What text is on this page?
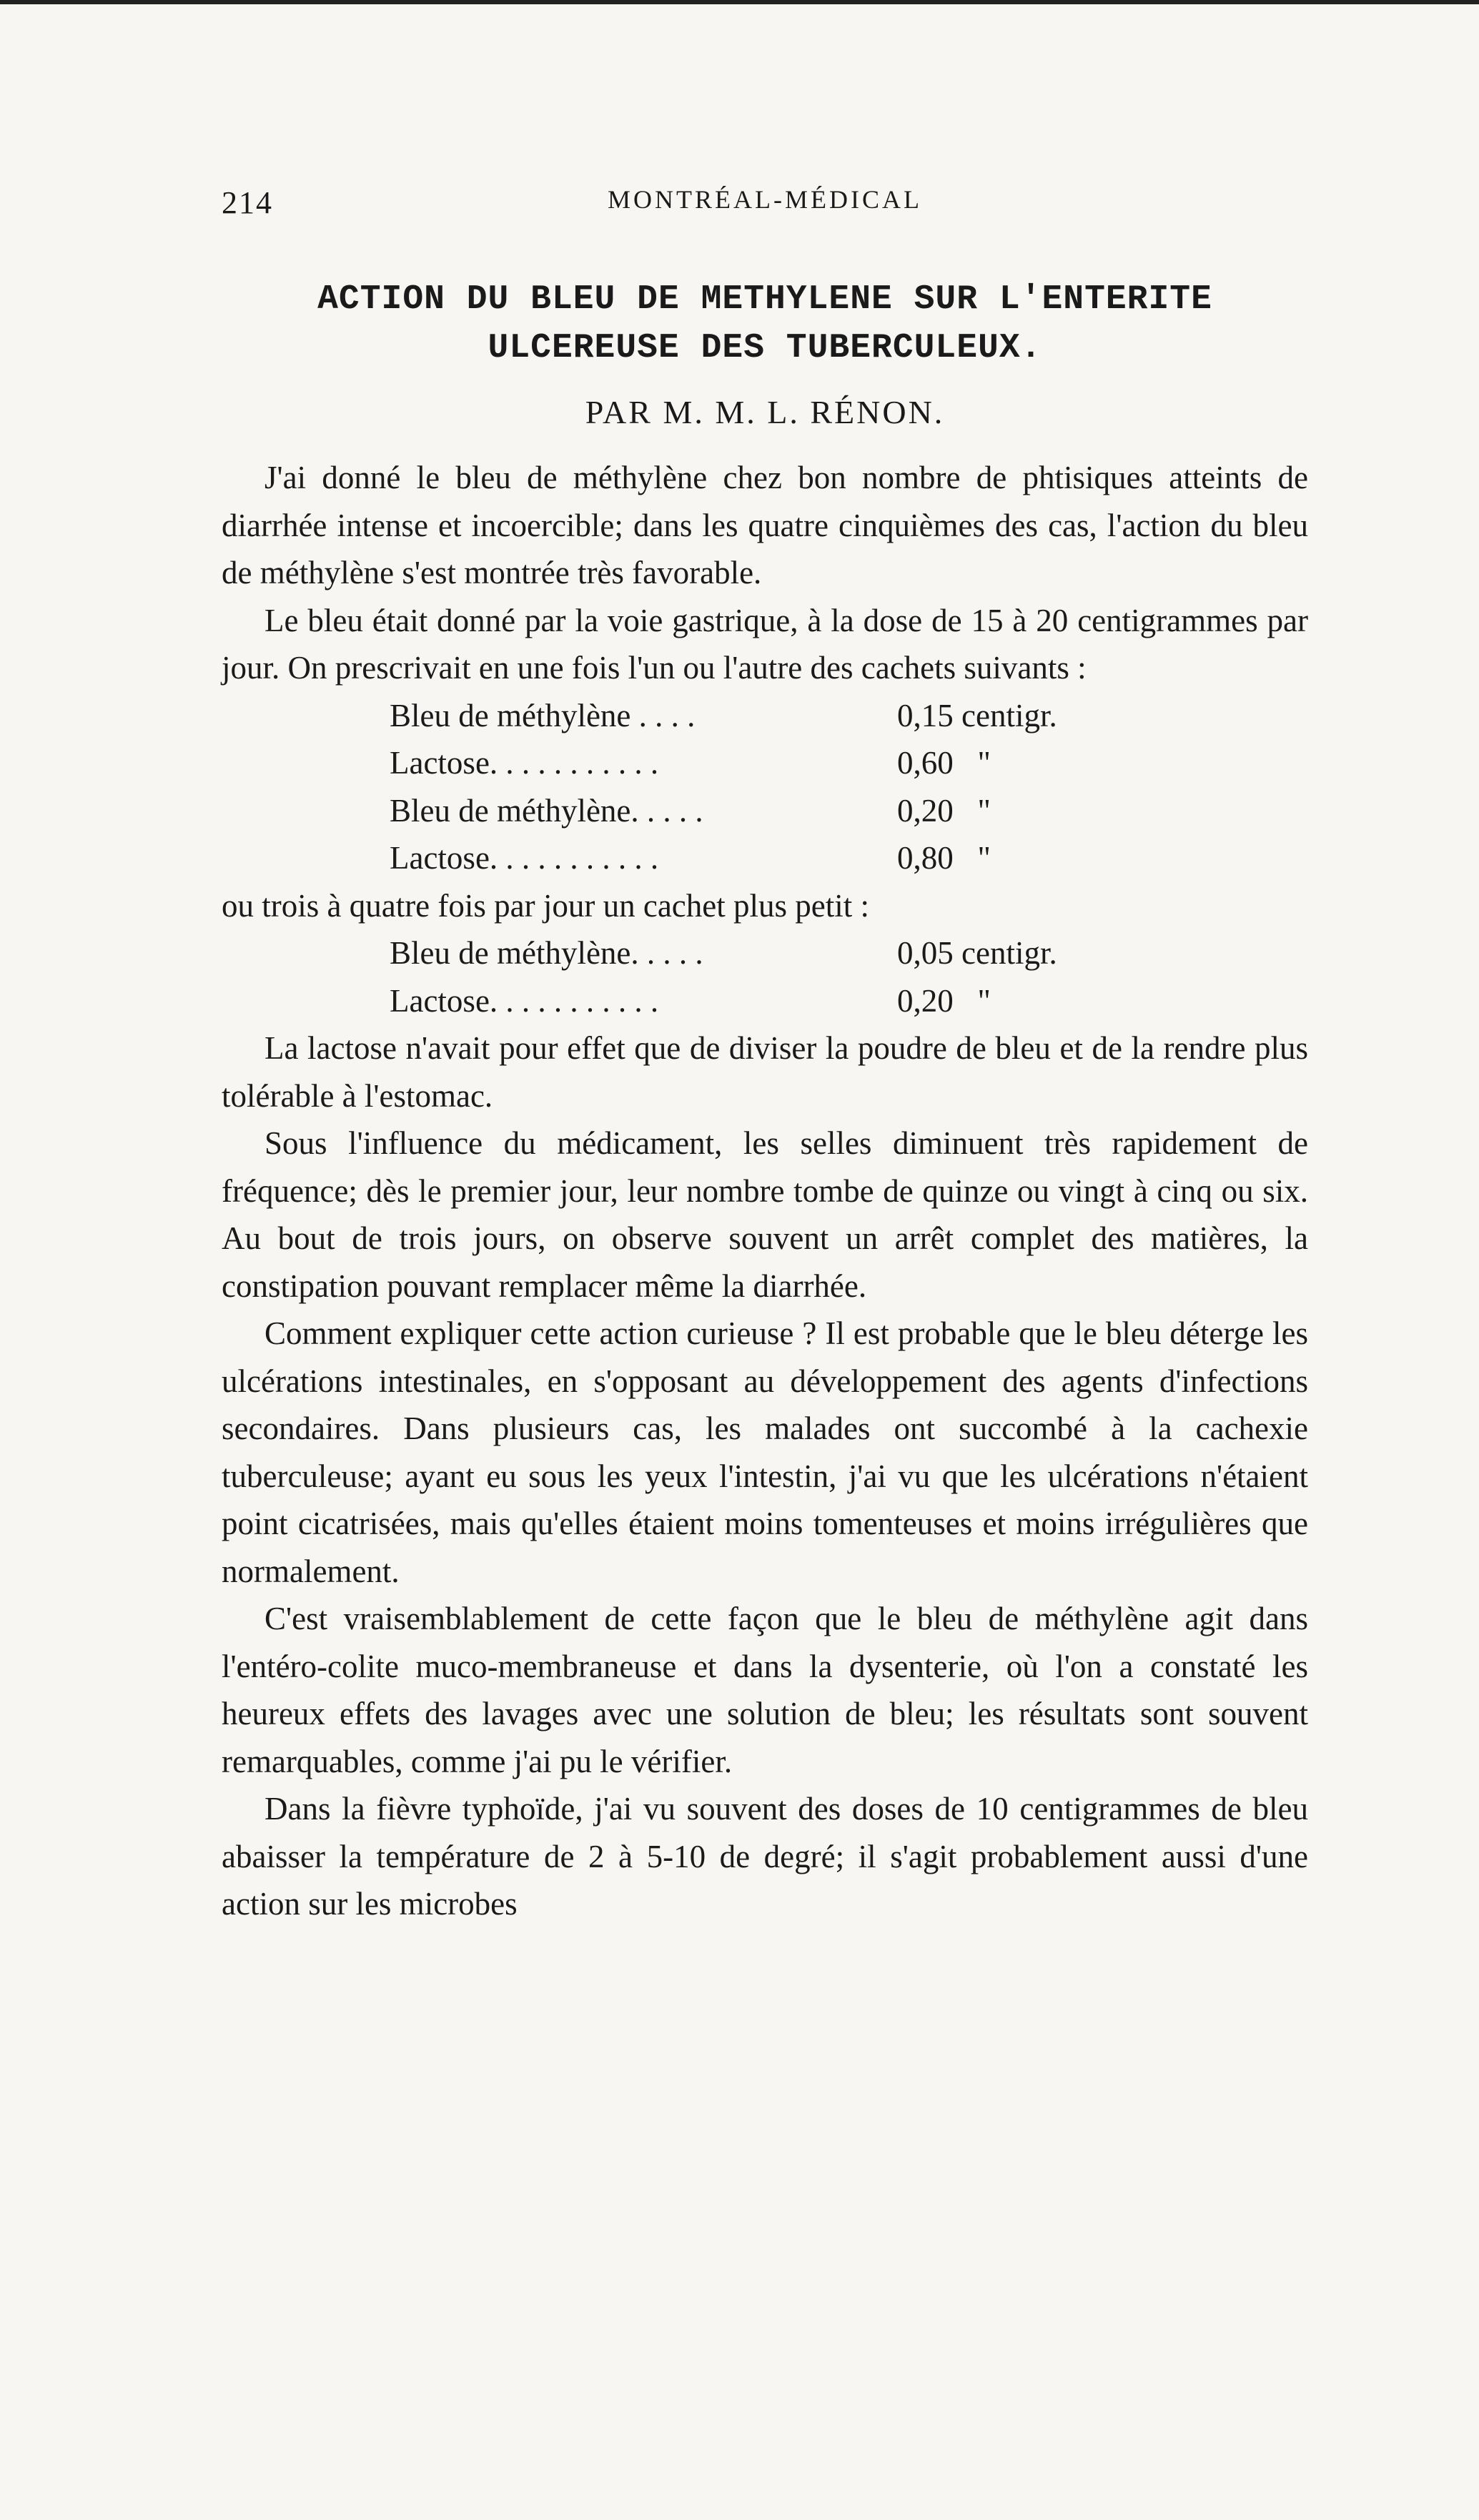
214	MONTRÉAL-MÉDICAL
ACTION DU BLEU DE METHYLENE SUR L'ENTERITE
ULCEREUSE DES TUBERCULEUX.
PAR M. M. L. RÉNON.

J'ai donné le bleu de méthylène chez bon nombre de phtisiques atteints de diarrhée intense et incoercible; dans les quatre cinquièmes des cas, l'action du bleu de méthylène s'est montrée très favorable.

Le bleu était donné par la voie gastrique, à la dose de 15 à 20 centigrammes par jour. On prescrivait en une fois l'un ou l'autre des cachets suivants :

Bleu de méthylène . . . .	0,15 centigr.
Lactose. . . . . . . . . . .	0,60   "
Bleu de méthylène. . . . .	0,20   "
Lactose. . . . . . . . . . .	0,80   "

ou trois à quatre fois par jour un cachet plus petit :

Bleu de méthylène. . . . .	0,05 centigr.
Lactose. . . . . . . . . . .	0,20   "

La lactose n'avait pour effet que de diviser la poudre de bleu et de la rendre plus tolérable à l'estomac.

Sous l'influence du médicament, les selles diminuent très rapidement de fréquence; dès le premier jour, leur nombre tombe de quinze ou vingt à cinq ou six. Au bout de trois jours, on observe souvent un arrêt complet des matières, la constipation pouvant remplacer même la diarrhée.

Comment expliquer cette action curieuse ? Il est probable que le bleu déterge les ulcérations intestinales, en s'opposant au développement des agents d'infections secondaires. Dans plusieurs cas, les malades ont succombé à la cachexie tuberculeuse; ayant eu sous les yeux l'intestin, j'ai vu que les ulcérations n'étaient point cicatrisées, mais qu'elles étaient moins tomenteuses et moins irrégulières que normalement.

C'est vraisemblablement de cette façon que le bleu de méthylène agit dans l'entéro-colite muco-membraneuse et dans la dysenterie, où l'on a constaté les heureux effets des lavages avec une solution de bleu; les résultats sont souvent remarquables, comme j'ai pu le vérifier.

Dans la fièvre typhoïde, j'ai vu souvent des doses de 10 centigrammes de bleu abaisser la température de 2 à 5-10 de degré; il s'agit probablement aussi d'une action sur les microbes
